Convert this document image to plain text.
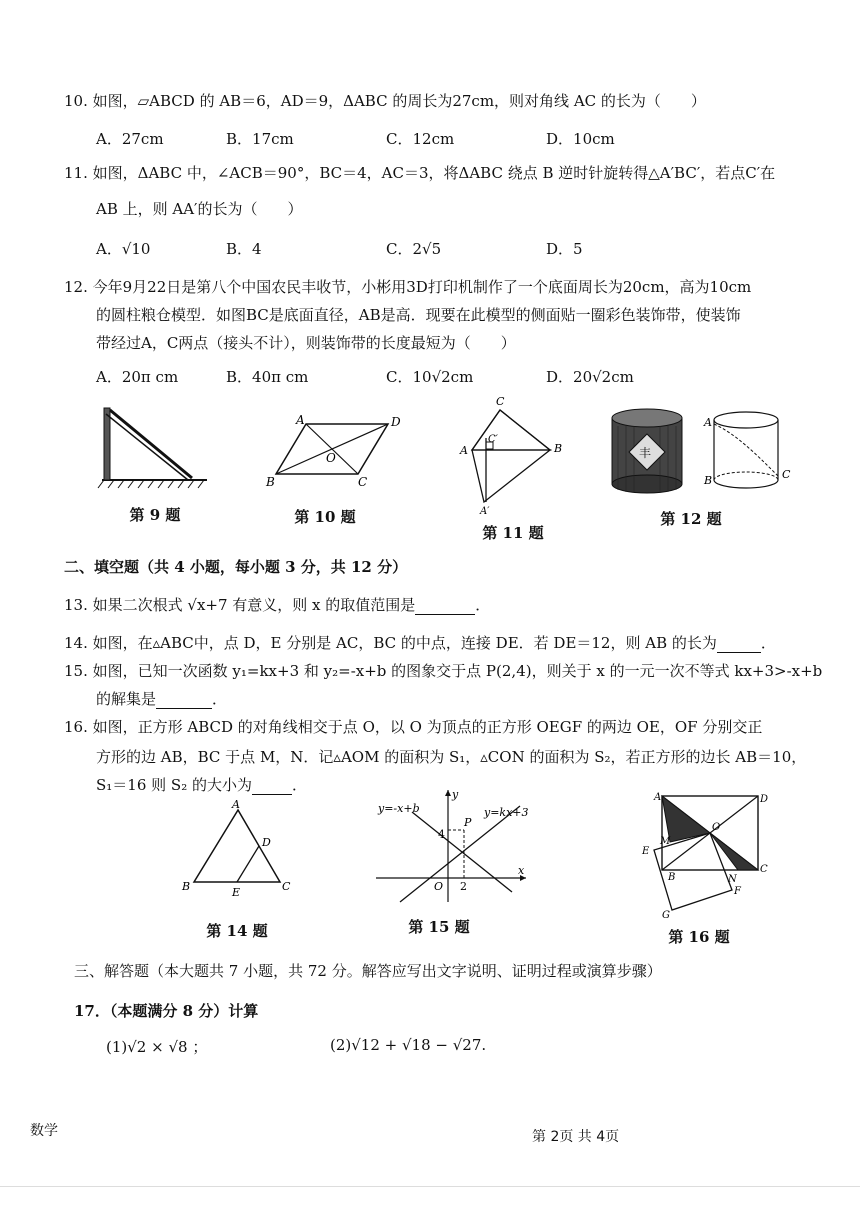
10. 如图，▱ABCD 的 AB＝6，AD＝9，ΔABC 的周长为27cm，则对角线 AC 的长为（　　）
A．27cm	B．17cm	C．12cm	D．10cm
11. 如图，ΔABC 中，∠ACB＝90°，BC＝4，AC＝3，将ΔABC 绕点 B 逆时针旋转得△A′BC′，若点C′在
AB 上，则 AA′的长为（　　）
A．√10	B．4	C．2√5	D．5
12. 今年9月22日是第八个中国农民丰收节，小彬用3D打印机制作了一个底面周长为20cm，高为10cm
的圆柱粮仓模型．如图BC是底面直径，AB是高．现要在此模型的侧面贴一圈彩色装饰带，使装饰
带经过A，C两点（接头不计），则装饰带的长度最短为（　　）
A．20π cm	B．40π cm	C．10√2cm	D．20√2cm
第 9 题
A	D
B	C
O
第 10 题
C
A	B
C′
A′
第 11 题
丰
A
B	C
第 12 题
二、填空题（共 4 小题，每小题 3 分，共 12 分）
13. 如果二次根式 √x+7 有意义，则 x 的取值范围是	．
14. 如图，在▵ABC中，点 D，E 分别是 AC，BC 的中点，连接 DE．若 DE＝12，则 AB 的长为	．
15. 如图，已知一次函数 y₁=kx+3 和 y₂=-x+b 的图象交于点 P(2,4)，则关于 x 的一元一次不等式 kx+3>-x+b
的解集是	．
16. 如图，正方形 ABCD 的对角线相交于点 O，以 O 为顶点的正方形 OEGF 的两边 OE，OF 分别交正
方形的边 AB，BC 于点 M，N．记▵AOM 的面积为 S₁，▵CON 的面积为 S₂，若正方形的边长 AB＝10，
S₁＝16 则 S₂ 的大小为	．
A
B	C
D
E
第 14 题
y
x
O 2
4
P
y=-x+b	y=kx+3
第 15 题
A	D
B
C
E
F
G
M
N
O
第 16 题
三、解答题（本大题共 7 小题，共 72 分。解答应写出文字说明、证明过程或演算步骤）
17．（本题满分 8 分）计算
(1)√2 × √8 ；	(2)√12 + √18 − √27.
数学	第 2页 共 4页
